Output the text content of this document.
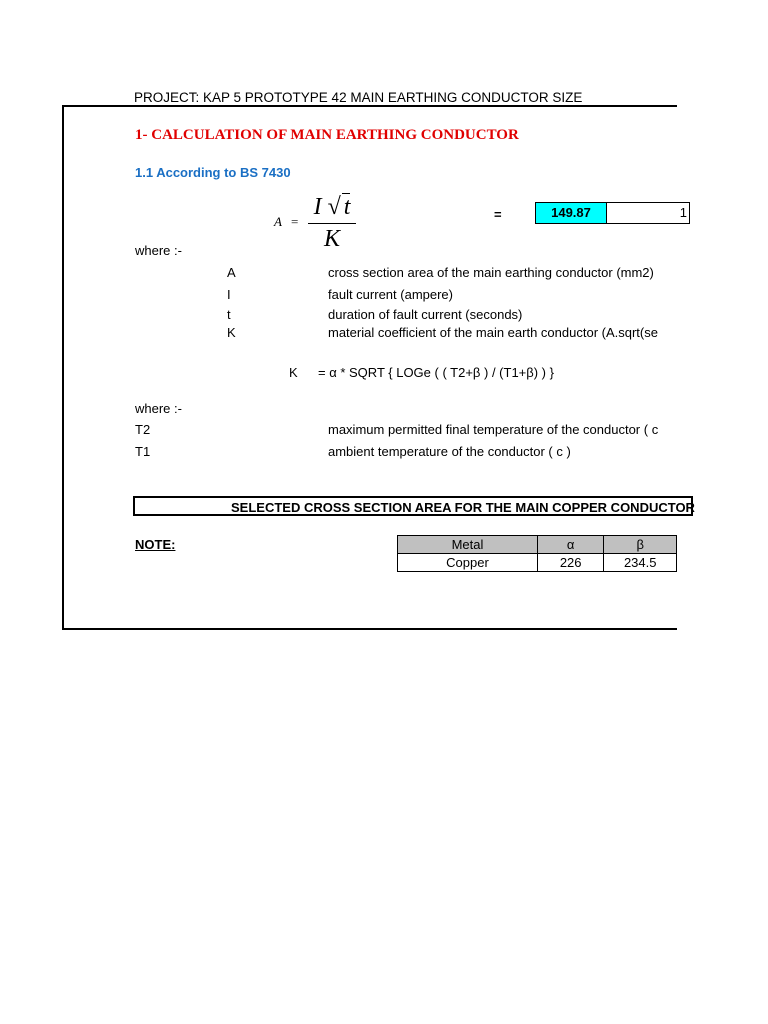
PROJECT: KAP 5 PROTOTYPE 42 MAIN EARTHING CONDUCTOR SIZE
1- CALCULATION OF MAIN EARTHING CONDUCTOR
1.1 According to BS 7430
$A = \frac{I √ t}{K}$	=	149.87	1
where :-
A	cross section area of the main earthing conductor (mm2)
I	fault current (ampere)
t	duration of fault current (seconds)
K	material coefficient of the main earth conductor (A.sqrt(se
K = α * SQRT { LOGe ( ( T2+β ) / (T1+β) ) }
where :-
T2	maximum permitted final temperature of the conductor ( c
T1	ambient temperature of the conductor ( c )
SELECTED CROSS SECTION AREA FOR THE MAIN COPPER CONDUCTOR
NOTE:	Metal	α	β
Copper	226	234.5
